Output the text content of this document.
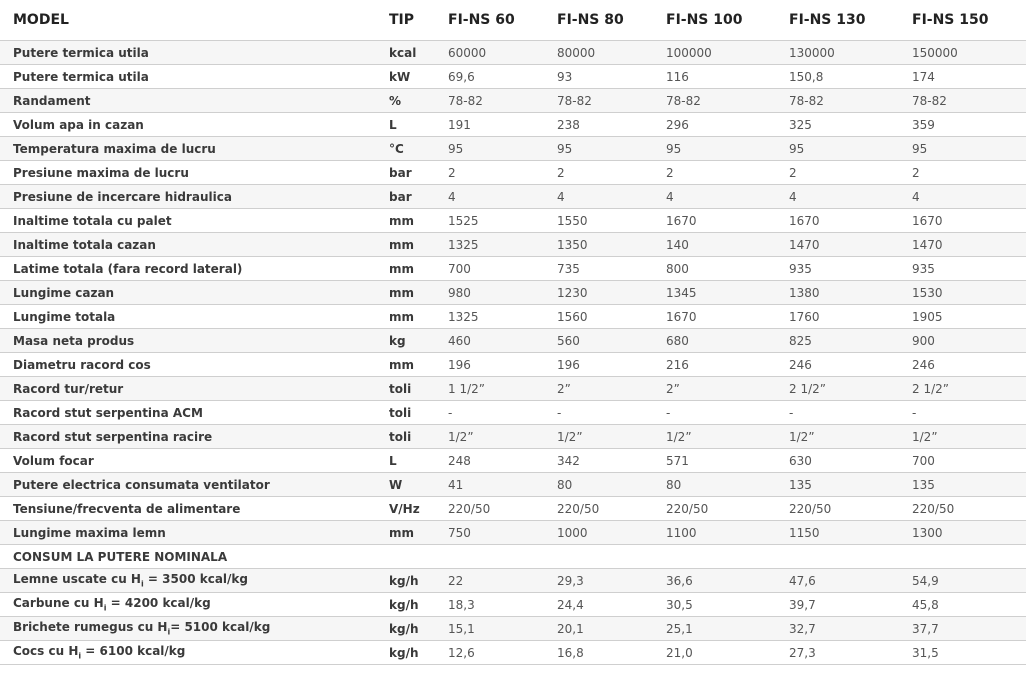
MODEL	TIP	FI-NS 60	FI-NS 80	FI-NS 100	FI-NS 130	FI-NS 150
Putere termica utila	kcal	60000	80000	100000	130000	150000
Putere termica utila	kW	69,6	93	116	150,8	174
Randament	%	78-82	78-82	78-82	78-82	78-82
Volum apa in cazan	L	191	238	296	325	359
Temperatura maxima de lucru	°C	95	95	95	95	95
Presiune maxima de lucru	bar	2	2	2	2	2
Presiune de incercare hidraulica	bar	4	4	4	4	4
Inaltime totala cu palet	mm	1525	1550	1670	1670	1670
Inaltime totala cazan	mm	1325	1350	140	1470	1470
Latime totala (fara record lateral)	mm	700	735	800	935	935
Lungime cazan	mm	980	1230	1345	1380	1530
Lungime totala	mm	1325	1560	1670	1760	1905
Masa neta produs	kg	460	560	680	825	900
Diametru racord cos	mm	196	196	216	246	246
Racord tur/retur	toli	1 1/2”	2”	2”	2 1/2”	2 1/2”
Racord stut serpentina ACM	toli	-	-	-	-	-
Racord stut serpentina racire	toli	1/2”	1/2”	1/2”	1/2”	1/2”
Volum focar	L	248	342	571	630	700
Putere electrica consumata ventilator	W	41	80	80	135	135
Tensiune/frecventa de alimentare	V/Hz	220/50	220/50	220/50	220/50	220/50
Lungime maxima lemn	mm	750	1000	1100	1150	1300
CONSUM LA PUTERE NOMINALA						
Lemne uscate cu $H_i = 3500$ kcal/kg	kg/h	22	29,3	36,6	47,6	54,9
Carbune cu $H_i = 4200$ kcal/kg	kg/h	18,3	24,4	30,5	39,7	45,8
Brichete rumegus cu $H_i= 5100$ kcal/kg	kg/h	15,1	20,1	25,1	32,7	37,7
Cocs cu $H_i = 6100$ kcal/kg	kg/h	12,6	16,8	21,0	27,3	31,5
